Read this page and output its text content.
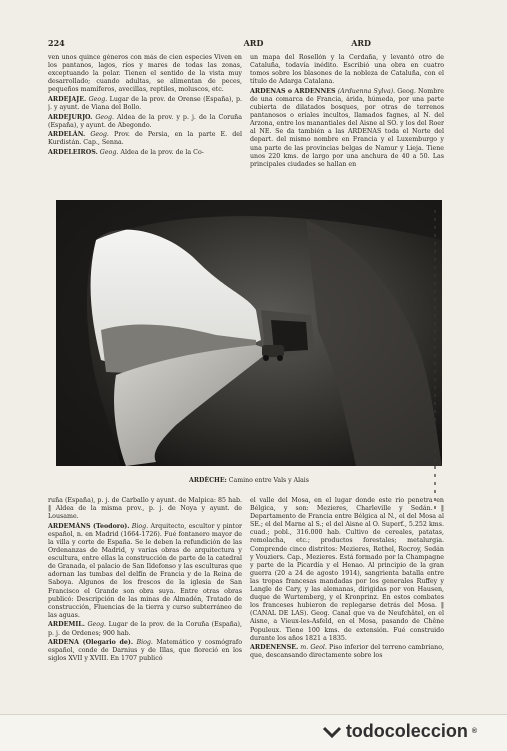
224	ARD	ARD

ven unos quince géneros con más de cien especies Viven en los pantanos, lagos, ríos y mares de todas las zonas, exceptuando la polar. Tienen el sentido de la vista muy desarrollado; cuando adultas, se alimentan de peces, pequeños mamíferos, avecillas, reptiles, moluscos, etc.

ARDEJAJE. Geog. Lugar de la prov. de Orense (España), p. j. y ayunt. de Viana del Bollo.

ARDEJURJO. Geog. Aldea de la prov. y p. j. de la Coruña (España), y ayunt. de Abegondo.

ARDELÁN. Geog. Prov. de Persia, en la parte E. del Kurdistán. Cap., Senna.

ARDELEIROS. Geog. Aldea de la prov. de la Co-

un mapa del Rosellón y la Cerdaña, y levantó otro de Cataluña, todavía inédito. Escribió una obra en cuatro tomos sobre los blasones de la nobleza de Cataluña, con el título de Adarga Catalana.

ARDENAS o ARDENNES (Arduenna Sylva). Geog. Nombre de una comarca de Francia, árida, húmeda, por una parte cubierta de dilatados bosques, por otras de terrenos pantanosos o eriales incultos, llamados fagnes, al N. del Arzona, entre los manantiales del Aisne al SO. y los del Roer al NE. Se da también a las ARDENAS toda el Norte del depart. del mismo nombre en Francia y el Luxemburgo y una parte de las provincias belgas de Namur y Lieja. Tiene unos 220 kms. de largo por una anchura de 40 a 50. Las principales ciudades se hallan en

ARDÈCHE: Camino entre Vals y Alais

ruña (España), p. j. de Carballo y ayunt. de Malpica: 85 hab. ‖ Aldea de la misma prov., p. j. de Noya y ayunt. de Lousame.

ARDEMÁNS (Teodoro). Biog. Arquitecto, escultor y pintor español, n. en Madrid (1664-1726). Fué fontanero mayor de la villa y corte de España. Se le deben la refundición de las Ordenanzas de Madrid, y varias obras de arquitectura y escultura, entre ellas la construcción de parte de la catedral de Granada, el palacio de San Ildefonso y las esculturas que adornan las tumbas del delfín de Francia y de la Reina de Saboya. Algunos de los frescos de la iglesia de San Francisco el Grande son obra suya. Entre otras obras publicó: Descripción de las minas de Almadén, Tratado de construcción, Fluencias de la tierra y curso subterráneo de las aguas.

ARDEMIL. Geog. Lugar de la prov. de la Coruña (España), p. j. de Ordenes; 900 hab.

ARDENA (Olegario de). Biog. Matemático y cosmógrafo español, conde de Darnius y de Illas, que floreció en los siglos XVII y XVIII. En 1707 publicó

el valle del Mosa, en el lugar donde este río penetra en Bélgica, y son: Mezieres, Charleville y Sedán. ‖ Departamento de Francia entre Bélgica al N., el del Mosa al SE.; el del Marne al S.; el del Aisne al O. Superf., 5.252 kms. cuad.; pobl., 316.000 hab. Cultivo de cereales, patatas, remolacha, etc.; productos forestales; metalurgia. Comprende cinco distritos: Mezieres, Rethel, Rocroy, Sedán y Vouziers. Cap., Mezieres. Está formado por la Champagne y parte de la Picardía y el Henao. Al principio de la gran guerra (20 a 24 de agosto 1914), sangrienta batalla entre las tropas francesas mandadas por los generales Ruffey y Langle de Cary, y las alemanas, dirigidas por von Hausen, duque de Wurtemberg, y el Kronprinz. En estos combates los franceses hubieron de replegarse detrás del Mosa. ‖ (CANAL DE LAS). Geog. Canal que va de Neufchâtel, en el Aisne, a Vieux-les-Asfeld, en el Mosa, pasando de Chêne Populeux. Tiene 100 kms. de extensión. Fué construido durante los años 1821 a 1835.

ARDENENSE. m. Geol. Piso inferior del terreno cambriano, que, descansando directamente sobre los

todocoleccion ®
